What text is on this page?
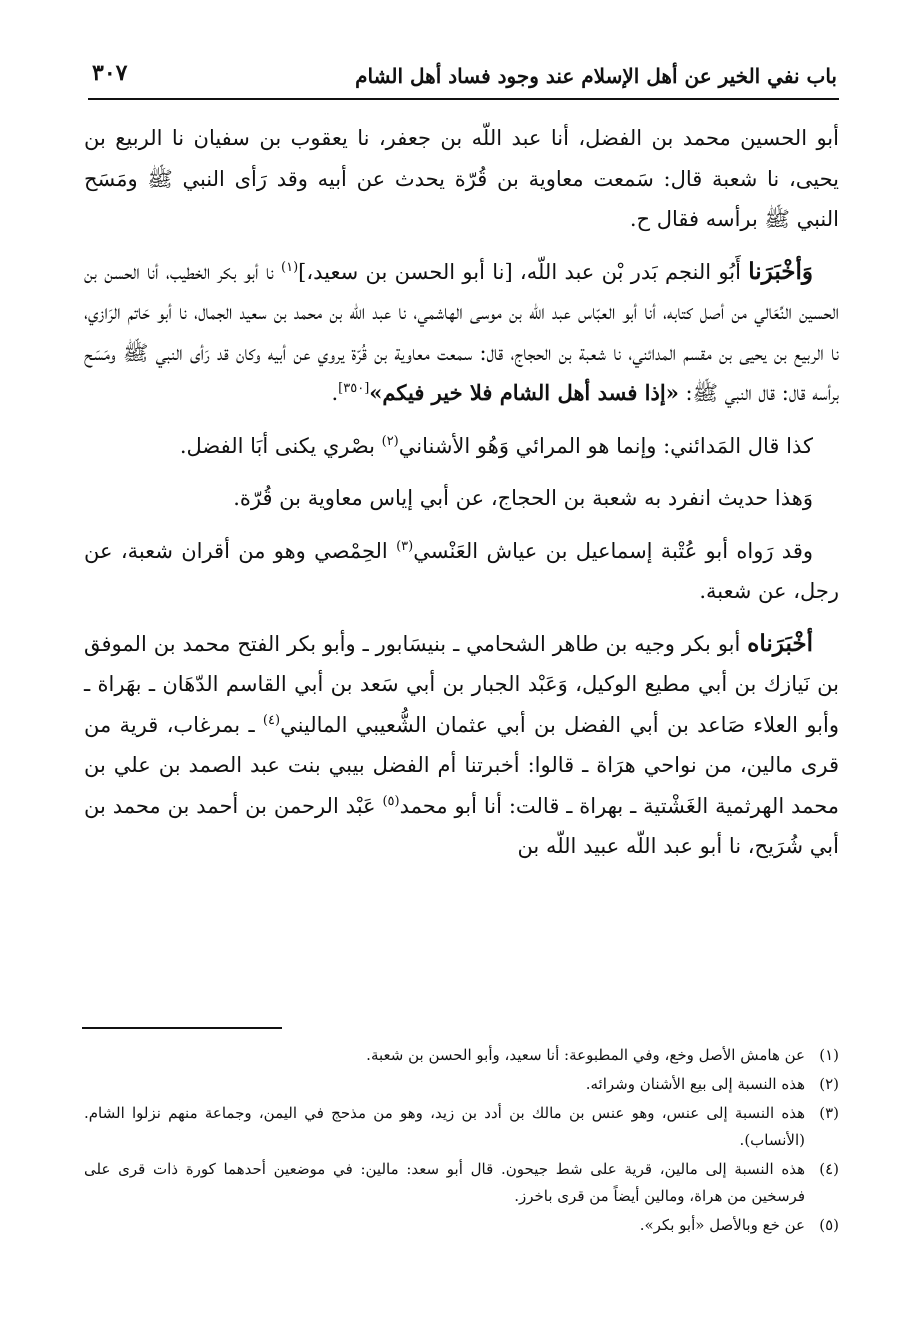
باب نفي الخير عن أهل الإسلام عند وجود فساد أهل الشام
٣٠٧

أبو الحسين محمد بن الفضل، أنا عبد اللّه بن جعفر، نا يعقوب بن سفيان نا الربيع بن يحيى، نا شعبة قال: سَمعت معاوية بن قُرّة يحدث عن أبيه وقد رَأى النبي ﷺ ومَسَح النبي ﷺ برأسه فقال ح.

وَأخْبَرَنا أَبُو النجم بَدر بْن عبد اللّه، [نا أبو الحسن بن سعيد،]$^{(١)}$ نا أبو بكر الخطيب، أنا الحسن بن الحسين النِّعَالي من أصل كتابه، أنا أبو العبّاس عبد اللّه بن موسى الهاشمي، نا عبد اللّه بن محمد بن سعيد الجمال، نا أبو حَاتم الرَازي، نا الربيع بن يحيى بن مقسم المدائني، نا شعبة بن الحجاج، قال: سمعت معاوية بن قُرّة يروي عن أبيه وكان قد رَأى النبي ﷺ ومَسَح برأسه قال: قال النبي ﷺ: «إذا فسد أهل الشام فلا خير فيكم»[٣٥٠].

كذا قال المَدائني: وإنما هو المرائي وَهُو الأشناني$^{(٢)}$ بصْري يكنى أبَا الفضل.

وَهذا حديث انفرد به شعبة بن الحجاج، عن أبي إياس معاوية بن قُرّة.

وقد رَواه أبو عُتْبة إسماعيل بن عياش العَنْسي$^{(٣)}$ الحِمْصي وهو من أقران شعبة، عن رجل، عن شعبة.

أخْبَرَناه أبو بكر وجيه بن طاهر الشحامي ـ بنيسَابور ـ وأبو بكر الفتح محمد بن الموفق بن نَيازك بن أبي مطيع الوكيل، وَعَبْد الجبار بن أبي سَعد بن أبي القاسم الدّهَان ـ بهَراة ـ وأبو العلاء صَاعد بن أبي الفضل بن أبي عثمان الشُّعيبي الماليني$^{(٤)}$ ـ بمرغاب، قرية من قرى مالين، من نواحي هرَاة ـ قالوا: أخبرتنا أم الفضل بيبي بنت عبد الصمد بن علي بن محمد الهرثمية الغَشْتية ـ بهراة ـ قالت: أنا أبو محمد$^{(٥)}$ عَبْد الرحمن بن أحمد بن محمد بن أبي شُرَيح، نا أبو عبد اللّه عبيد اللّه بن

(١)
عن هامش الأصل وخع، وفي المطبوعة: أنا سعيد، وأبو الحسن بن شعبة.
(٢)
هذه النسبة إلى بيع الأشنان وشرائه.
(٣)
هذه النسبة إلى عنس، وهو عنس بن مالك بن أدد بن زيد، وهو من مذحج في اليمن، وجماعة منهم نزلوا الشام. (الأنساب).
(٤)
هذه النسبة إلى مالين، قرية على شط جيحون. قال أبو سعد: مالين: في موضعين أحدهما كورة ذات قرى على فرسخين من هراة، ومالين أيضاً من قرى باخرز.
(٥)
عن خع وبالأصل «أبو بكر».
